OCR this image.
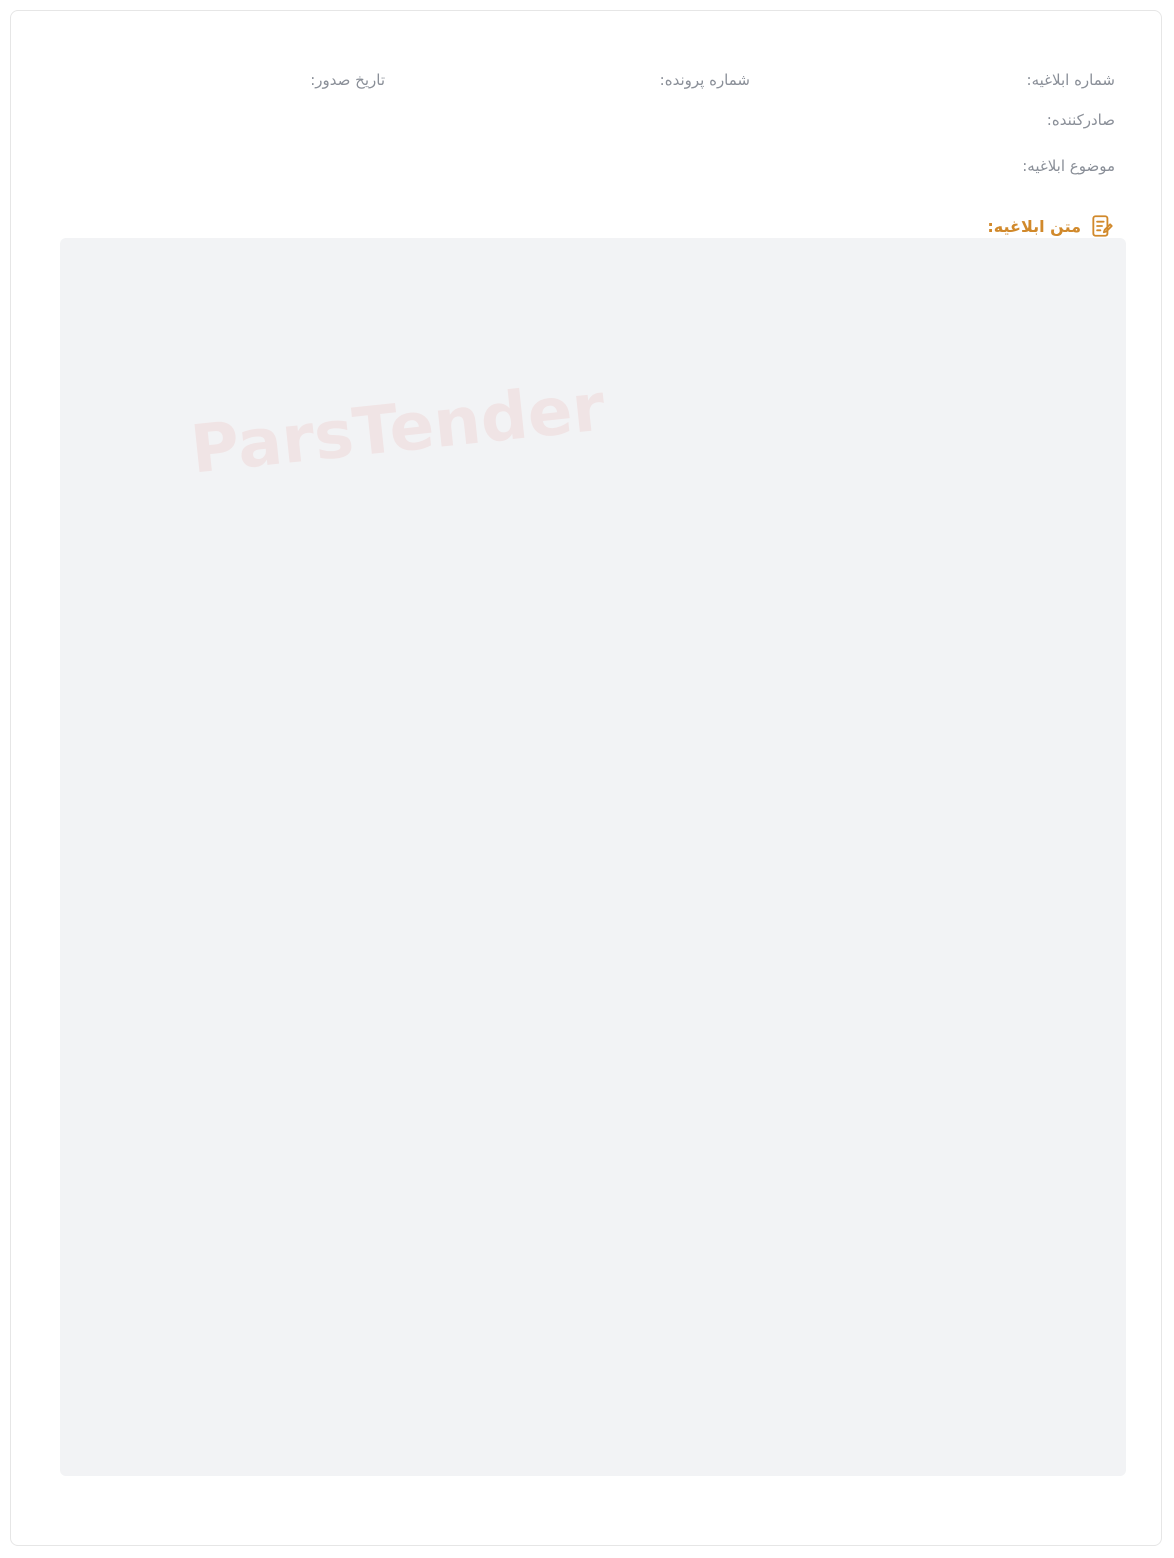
شماره ابلاغیه:
شماره پرونده:
تاریخ صدور:
صادرکننده:
موضوع ابلاغیه:
متن ابلاغیه:

ParsTender
